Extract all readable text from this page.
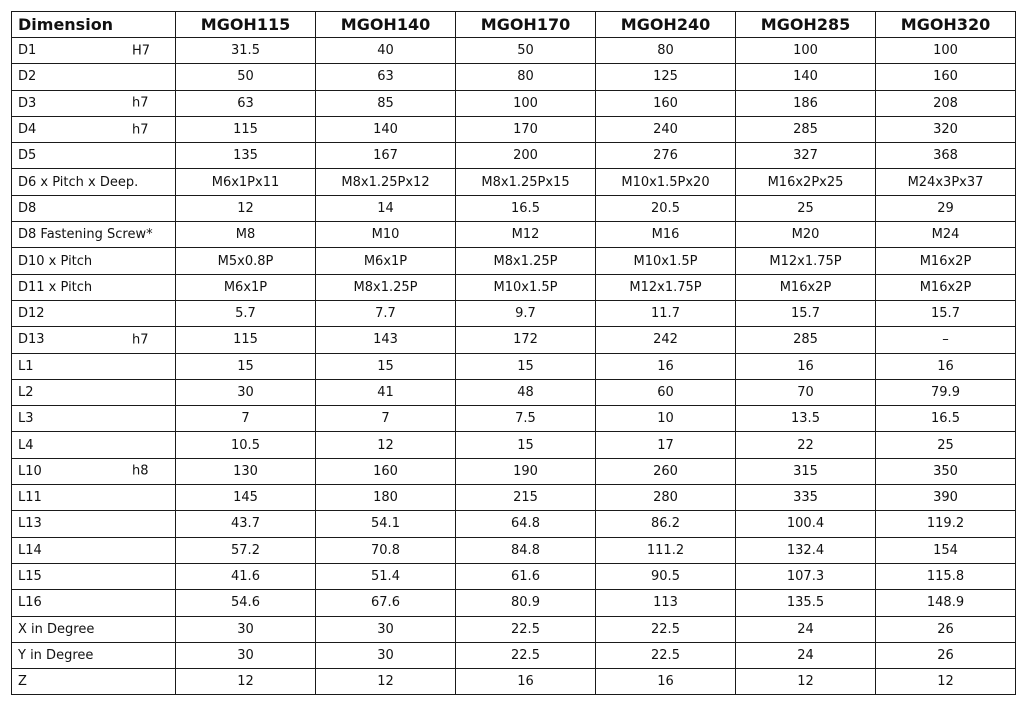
Dimension	MGOH115	MGOH140	MGOH170	MGOH240	MGOH285	MGOH320
D1 H7	31.5	40	50	80	100	100
D2	50	63	80	125	140	160
D3 h7	63	85	100	160	186	208
D4 h7	115	140	170	240	285	320
D5	135	167	200	276	327	368
D6 x Pitch x Deep.	M6x1Px11	M8x1.25Px12	M8x1.25Px15	M10x1.5Px20	M16x2Px25	M24x3Px37
D8	12	14	16.5	20.5	25	29
D8 Fastening Screw*	M8	M10	M12	M16	M20	M24
D10 x Pitch	M5x0.8P	M6x1P	M8x1.25P	M10x1.5P	M12x1.75P	M16x2P
D11 x Pitch	M6x1P	M8x1.25P	M10x1.5P	M12x1.75P	M16x2P	M16x2P
D12	5.7	7.7	9.7	11.7	15.7	15.7
D13 h7	115	143	172	242	285	–
L1	15	15	15	16	16	16
L2	30	41	48	60	70	79.9
L3	7	7	7.5	10	13.5	16.5
L4	10.5	12	15	17	22	25
L10 h8	130	160	190	260	315	350
L11	145	180	215	280	335	390
L13	43.7	54.1	64.8	86.2	100.4	119.2
L14	57.2	70.8	84.8	111.2	132.4	154
L15	41.6	51.4	61.6	90.5	107.3	115.8
L16	54.6	67.6	80.9	113	135.5	148.9
X in Degree	30	30	22.5	22.5	24	26
Y in Degree	30	30	22.5	22.5	24	26
Z	12	12	16	16	12	12
